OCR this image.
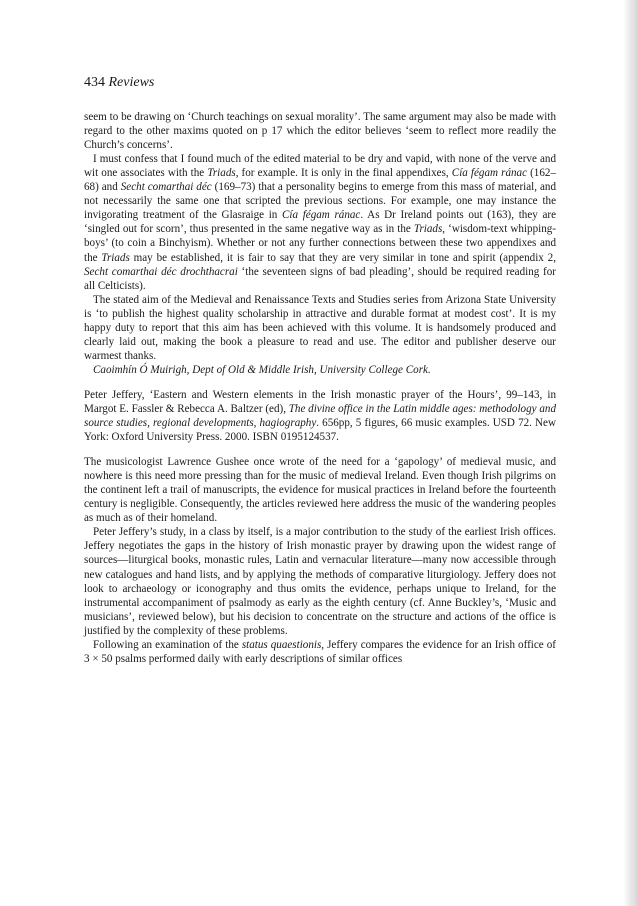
434 Reviews

seem to be drawing on ‘Church teachings on sexual morality’. The same argument may also be made with regard to the other maxims quoted on p 17 which the editor believes ‘seem to reflect more readily the Church’s concerns’.

I must confess that I found much of the edited material to be dry and vapid, with none of the verve and wit one associates with the Triads, for example. It is only in the final appendixes, Cía fégam ránac (162–68) and Secht comarthai déc (169–73) that a personality begins to emerge from this mass of material, and not necessarily the same one that scripted the previous sections. For example, one may instance the invigorating treatment of the Glasraige in Cía fégam ránac. As Dr Ireland points out (163), they are ‘singled out for scorn’, thus presented in the same negative way as in the Triads, ‘wisdom-text whipping-boys’ (to coin a Binchyism). Whether or not any further connections between these two appendixes and the Triads may be established, it is fair to say that they are very similar in tone and spirit (appendix 2, Secht comarthai déc drochthacrai ‘the seventeen signs of bad pleading’, should be required reading for all Celticists).

The stated aim of the Medieval and Renaissance Texts and Studies series from Arizona State University is ‘to publish the highest quality scholarship in attractive and durable format at modest cost’. It is my happy duty to report that this aim has been achieved with this volume. It is handsomely produced and clearly laid out, making the book a pleasure to read and use. The editor and publisher deserve our warmest thanks.

Caoimhín Ó Muirigh, Dept of Old & Middle Irish, University College Cork.

Peter Jeffery, ‘Eastern and Western elements in the Irish monastic prayer of the Hours’, 99–143, in Margot E. Fassler & Rebecca A. Baltzer (ed), The divine office in the Latin middle ages: methodology and source studies, regional developments, hagiography. 656pp, 5 figures, 66 music examples. USD 72. New York: Oxford University Press. 2000. ISBN 0195124537.

The musicologist Lawrence Gushee once wrote of the need for a ‘gapology’ of medieval music, and nowhere is this need more pressing than for the music of medieval Ireland. Even though Irish pilgrims on the continent left a trail of manuscripts, the evidence for musical practices in Ireland before the fourteenth century is negligible. Consequently, the articles reviewed here address the music of the wandering peoples as much as of their homeland.

Peter Jeffery’s study, in a class by itself, is a major contribution to the study of the earliest Irish offices. Jeffery negotiates the gaps in the history of Irish monastic prayer by drawing upon the widest range of sources—liturgical books, monastic rules, Latin and vernacular literature—many now accessible through new catalogues and hand lists, and by applying the methods of comparative liturgiology. Jeffery does not look to archaeology or iconography and thus omits the evidence, perhaps unique to Ireland, for the instrumental accompaniment of psalmody as early as the eighth century (cf. Anne Buckley’s, ‘Music and musicians’, reviewed below), but his decision to concentrate on the structure and actions of the office is justified by the complexity of these problems.

Following an examination of the status quaestionis, Jeffery compares the evidence for an Irish office of 3 × 50 psalms performed daily with early descriptions of similar offices
